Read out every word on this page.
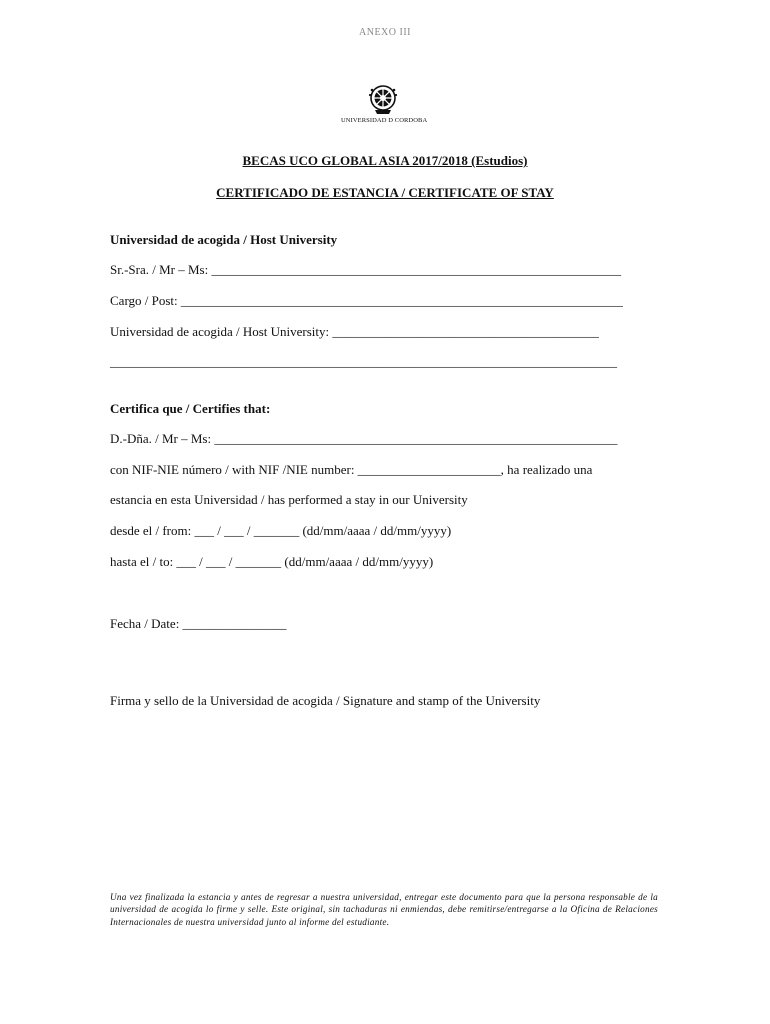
ANEXO III
UNIVERSIDAD D CORDOBA
BECAS UCO GLOBAL ASIA 2017/2018 (Estudios)
CERTIFICADO DE ESTANCIA / CERTIFICATE OF STAY
Universidad de acogida / Host University
Sr.-Sra. / Mr – Ms: _______________________________________________________________
Cargo / Post: ____________________________________________________________________
Universidad de acogida / Host University: _________________________________________
______________________________________________________________________________
Certifica que / Certifies that:
D.-Dña. / Mr – Ms: ______________________________________________________________
con NIF-NIE número / with NIF /NIE number: ______________________, ha realizado una
estancia en esta Universidad / has performed a stay in our University
desde el / from: ___ / ___ / _______ (dd/mm/aaaa / dd/mm/yyyy)
hasta el / to: ___ / ___ / _______ (dd/mm/aaaa / dd/mm/yyyy)
Fecha / Date: ________________
Firma y sello de la Universidad de acogida / Signature and stamp of the University
Una vez finalizada la estancia y antes de regresar a nuestra universidad, entregar este documento para que la persona responsable de la universidad de acogida lo firme y selle. Este original, sin tachaduras ni enmiendas, debe remitirse/entregarse a la Oficina de Relaciones Internacionales de nuestra universidad junto al informe del estudiante.
